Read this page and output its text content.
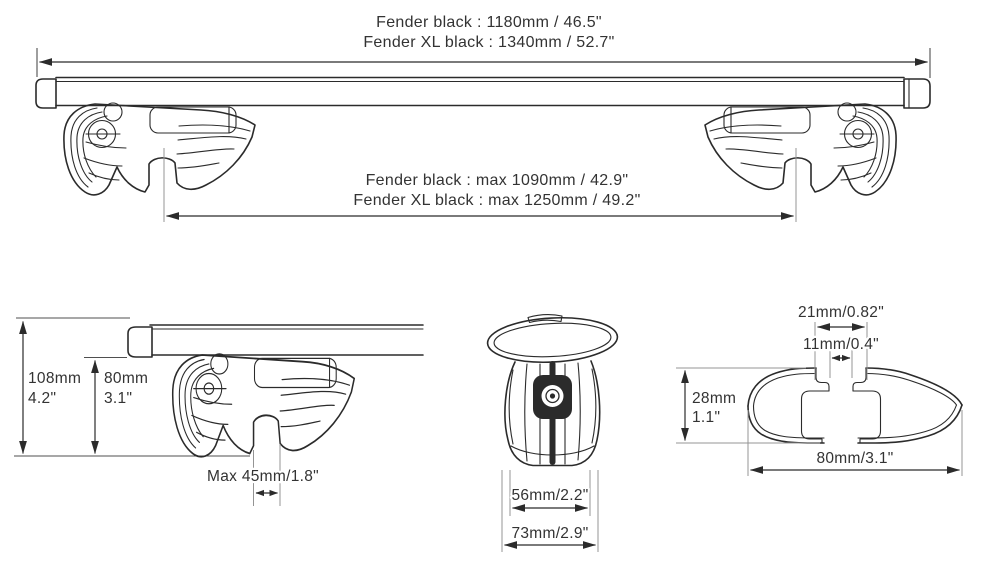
Fender black : 1180mm / 46.5"
Fender XL black : 1340mm / 52.7"
Fender black : max 1090mm / 42.9"
Fender XL black : max 1250mm / 49.2"
108mm
4.2"
80mm
3.1"
Max 45mm/1.8"
56mm/2.2"
73mm/2.9"
21mm/0.82"
11mm/0.4"
28mm
1.1"
80mm/3.1"
